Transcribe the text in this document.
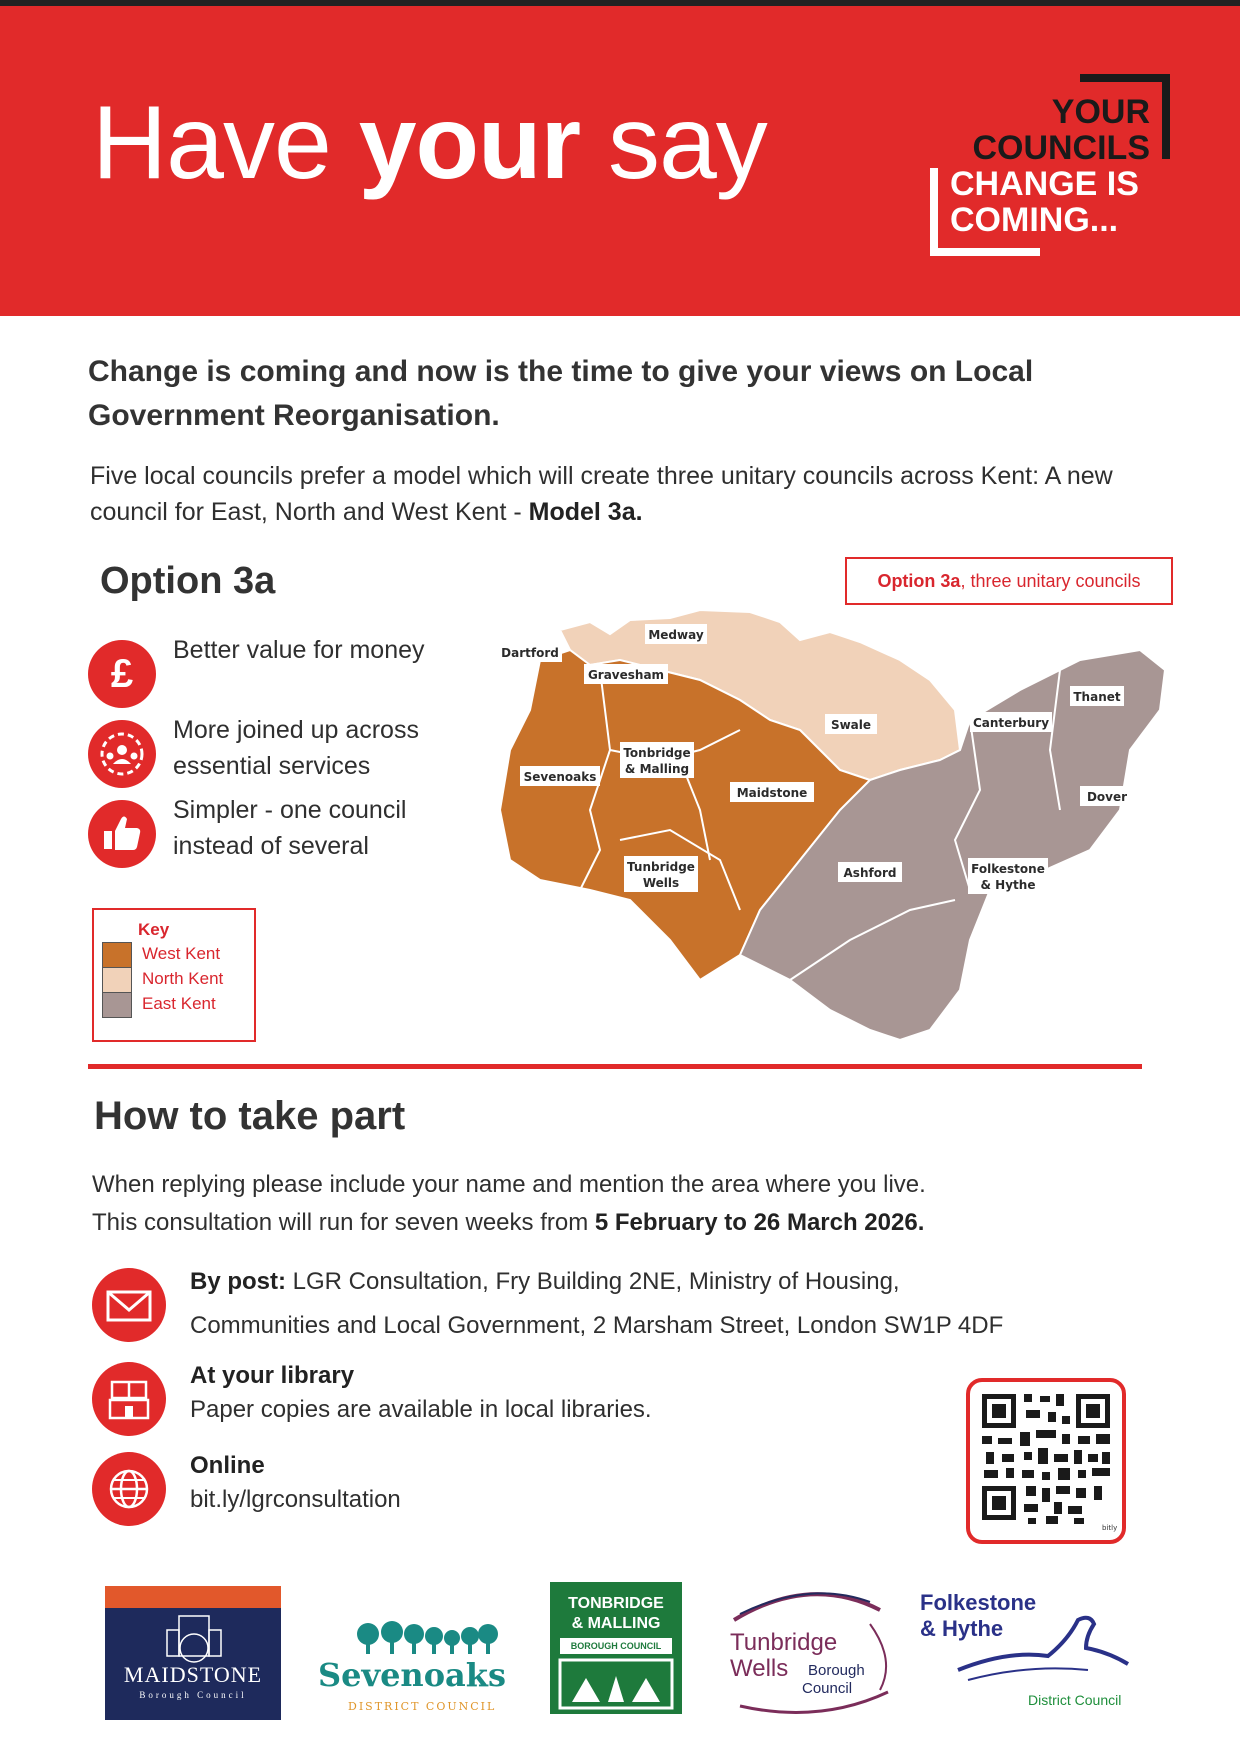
Have your say	YOUR
COUNCILS
CHANGE IS
COMING...
Change is coming and now is the time to give your views on Local Government Reorganisation.

Five local councils prefer a model which will create three unitary councils across Kent: A new council for East, North and West Kent - Model 3a.

Option 3a
£
Better value for money
More joined up across essential services
Simpler - one council instead of several
Key
West Kent
North Kent
East Kent
Option 3a, three unitary councils
Dartford
Medway
Gravesham
Thanet
Swale	Canterbury
Sevenoaks
Tonbridge
& Malling
Maidstone	Dover
Tunbridge
Wells
Ashford	Folkestone
& Hythe
How to take part

When replying please include your name and mention the area where you live.
This consultation will run for seven weeks from 5 February to 26 March 2026.

By post: LGR Consultation, Fry Building 2NE, Ministry of Housing,
Communities and Local Government, 2 Marsham Street, London SW1P 4DF
At your library
Paper copies are available in local libraries.
Online
bit.ly/lgrconsultation
bitly
MAIDSTONE
Borough Council
Sevenoaks
DISTRICT COUNCIL
TONBRIDGE
& MALLING
BOROUGH COUNCIL	Tunbridge
Wells Borough
Council
Folkestone
& Hythe
District Council
